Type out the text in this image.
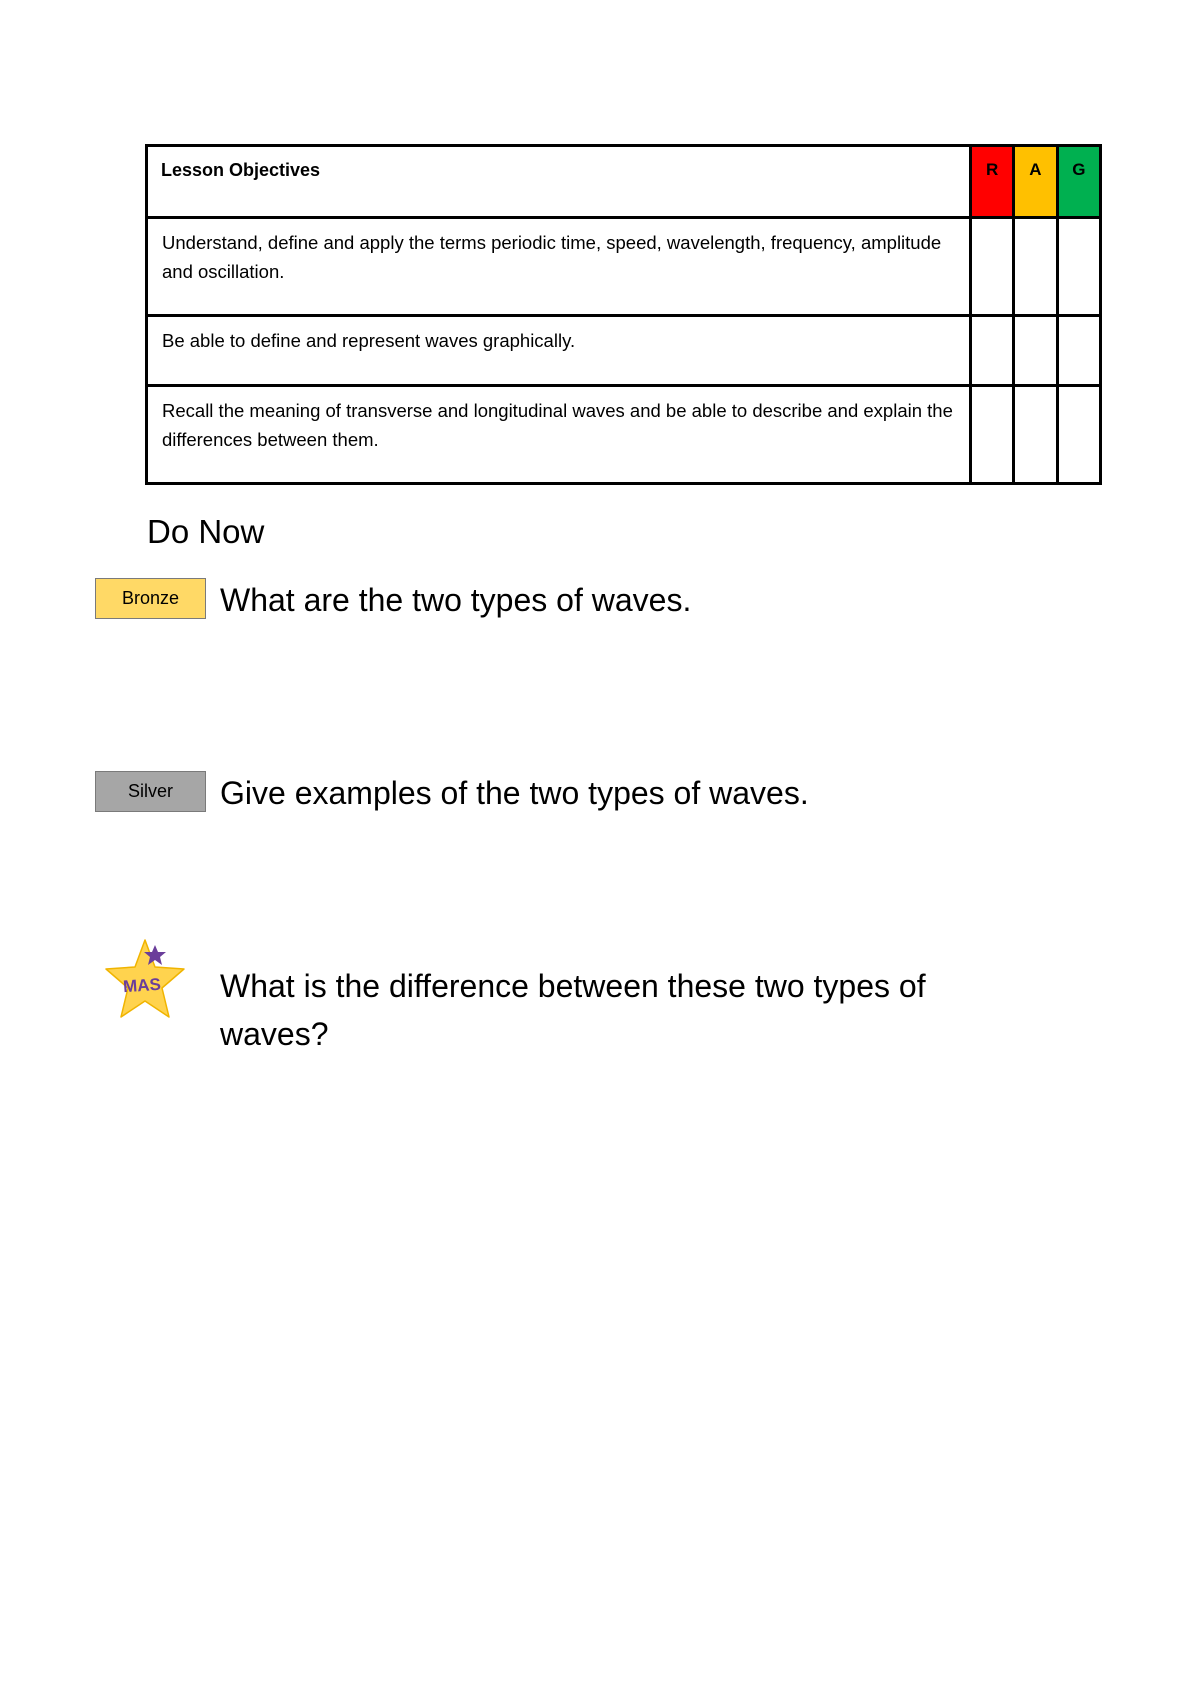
Lesson Objectives	R	A	G
Understand, define and apply the terms periodic time, speed, wavelength, frequency, amplitude and oscillation.			
Be able to define and represent waves graphically.			
Recall the meaning of transverse and longitudinal waves and be able to describe and explain the differences between them.			
Do Now
Bronze	What are the two types of waves.

Silver	Give examples of the two types of waves.

MAS What is the difference between these two types of waves?
